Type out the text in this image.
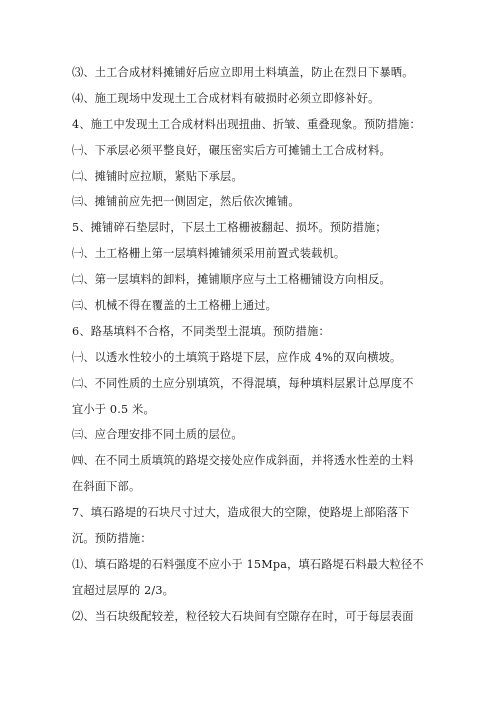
⑶、土工合成材料摊铺好后应立即用土料填盖，防止在烈日下暴晒。
⑷、施工现场中发现土工合成材料有破损时必须立即修补好。
4、施工中发现土工合成材料出现扭曲、折皱、重叠现象。预防措施：
㈠、下承层必须平整良好，碾压密实后方可摊铺土工合成材料。
㈡、摊铺时应拉顺，紧贴下承层。
㈢、摊铺前应先把一侧固定，然后依次摊铺。
5、摊铺碎石垫层时，下层土工格栅被翻起、损坏。预防措施；
㈠、土工格栅上第一层填料摊铺须采用前置式装载机。
㈡、第一层填料的卸料，摊铺顺序应与土工格栅铺设方向相反。
㈢、机械不得在覆盖的土工格栅上通过。
6、路基填料不合格，不同类型土混填。预防措施：
㈠、以透水性较小的土填筑于路堤下层，应作成 4%的双向横坡。
㈡、不同性质的土应分别填筑，不得混填，每种填料层累计总厚度不
宜小于 0.5 米。
㈢、应合理安排不同土质的层位。
㈣、在不同土质填筑的路堤交接处应作成斜面，并将透水性差的土料
在斜面下部。
7、填石路堤的石块尺寸过大，造成很大的空隙，使路堤上部陷落下
沉。预防措施：
⑴、填石路堤的石料强度不应小于 15Mpa，填石路堤石料最大粒径不
宜超过层厚的 2/3。
⑵、当石块级配较差，粒径较大石块间有空隙存在时，可于每层表面
